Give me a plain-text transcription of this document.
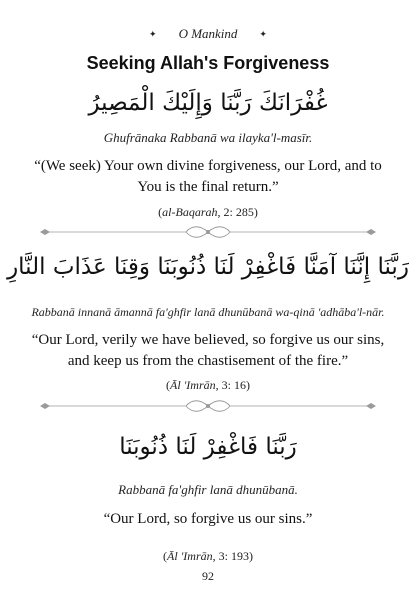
✦ O Mankind ✦
Seeking Allah's Forgiveness
غُفْرَانَكَ رَبَّنَا وَإِلَيْكَ الْمَصِيرُ
Ghufrānaka Rabbanā wa ilayka'l-masīr.
“(We seek) Your own divine forgiveness, our Lord, and to You is the final return.”
(al-Baqarah, 2: 285)
رَبَّنَا إِنَّنَا آمَنَّا فَاغْفِرْ لَنَا ذُنُوبَنَا وَقِنَا عَذَابَ النَّارِ
Rabbanā innanā āmannā fa'ghfir lanā dhunūbanā wa-qinā 'adhāba'l-nār.
“Our Lord, verily we have believed, so forgive us our sins, and keep us from the chastisement of the fire.”
(Āl 'Imrān, 3: 16)
رَبَّنَا فَاغْفِرْ لَنَا ذُنُوبَنَا
Rabbanā fa'ghfir lanā dhunūbanā.
“Our Lord, so forgive us our sins.”
(Āl 'Imrān, 3: 193)
92
